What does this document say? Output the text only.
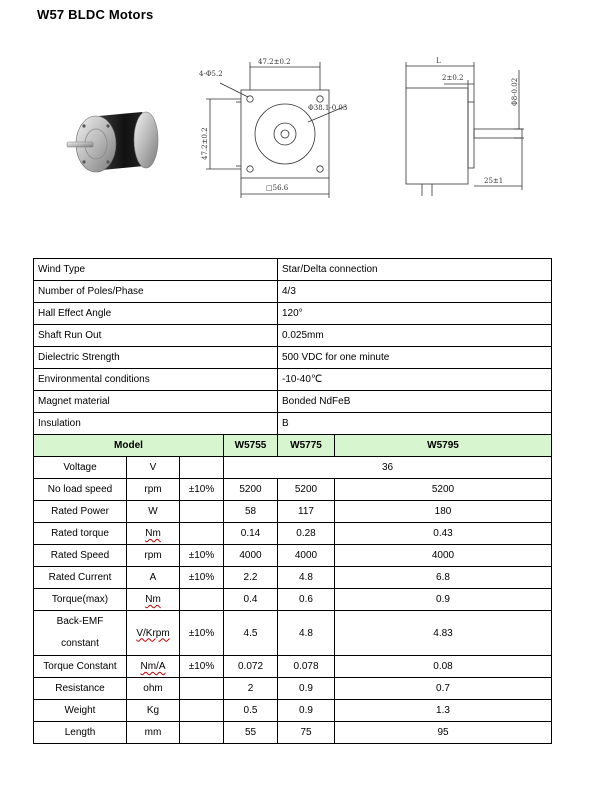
W57 BLDC Motors
47.2±0.2
4-Φ5.2
Φ38.1-0.03
□56.6
47.2±0.2
L
2±0.2
25±1
Φ8-0.02
Wind Type				Star/Delta connection	
Number of Poles/Phase				4/3	
Hall Effect Angle				120°	
Shaft Run Out				0.025mm	
Dielectric Strength				500 VDC for one minute	
Environmental conditions				-10-40℃	
Magnet material				Bonded NdFeB	
Insulation				B	
Model			W5755	W5775	W5795
Voltage	V		36		
No load speed	rpm	±10%	5200	5200	5200
Rated Power	W		58	117	180
Rated torque	Nm		0.14	0.28	0.43
Rated Speed	rpm	±10%	4000	4000	4000
Rated Current	A	±10%	2.2	4.8	6.8
Torque(max)	Nm		0.4	0.6	0.9
Back-EMF constant	V/Krpm	±10%	4.5	4.8	4.83
Torque Constant	Nm/A	±10%	0.072	0.078	0.08
Resistance	ohm		2	0.9	0.7
Weight	Kg		0.5	0.9	1.3
Length	mm		55	75	95
